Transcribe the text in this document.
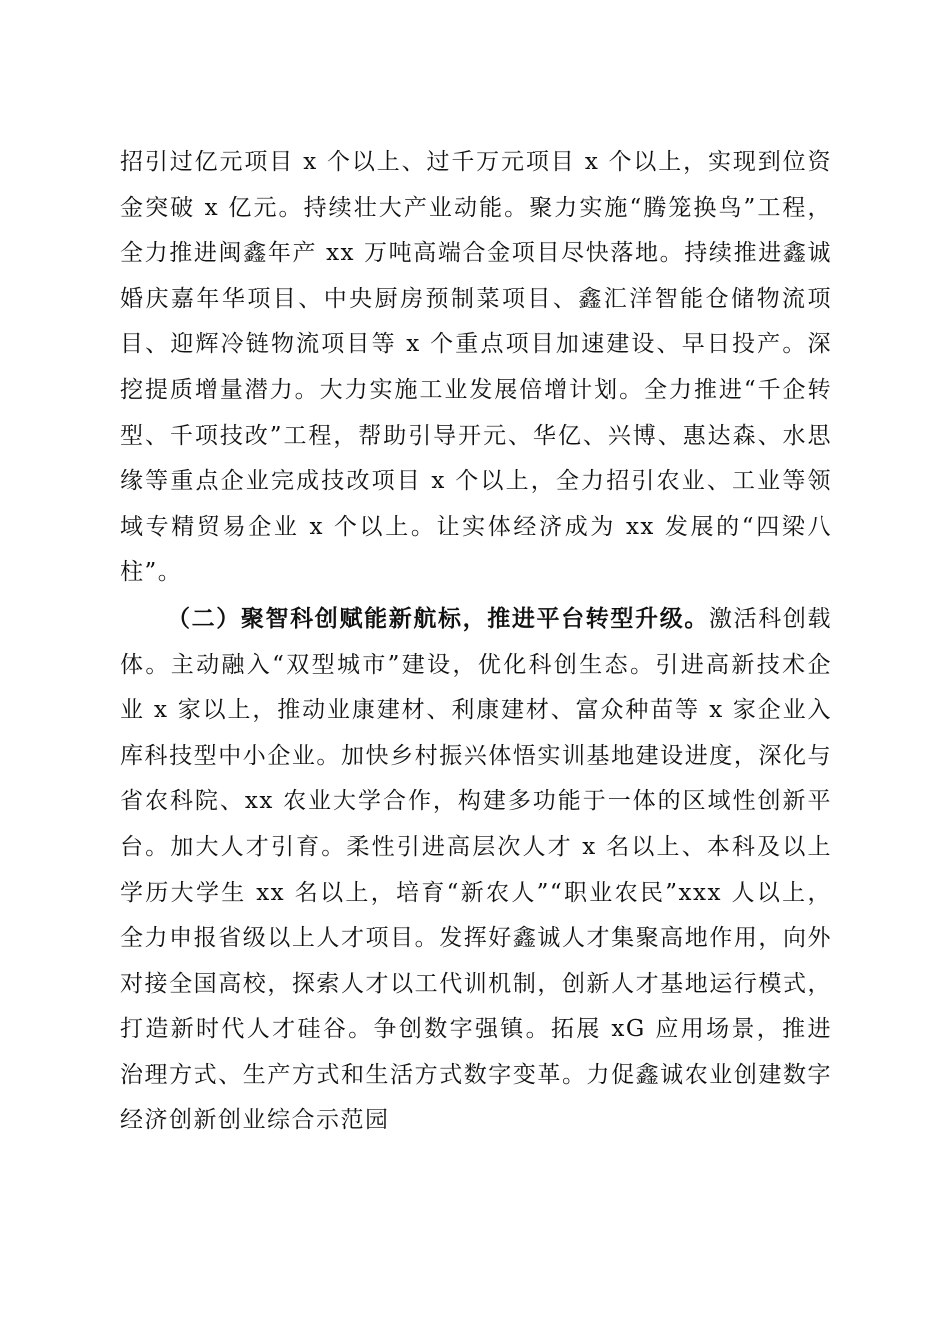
招引过亿元项目 x 个以上、过千万元项目 x 个以上，实现到位资金突破 x 亿元。持续壮大产业动能。聚力实施“腾笼换鸟”工程，全力推进闽鑫年产 xx 万吨高端合金项目尽快落地。持续推进鑫诚婚庆嘉年华项目、中央厨房预制菜项目、鑫汇洋智能仓储物流项目、迎辉冷链物流项目等 x 个重点项目加速建设、早日投产。深挖提质增量潜力。大力实施工业发展倍增计划。全力推进“千企转型、千项技改”工程，帮助引导开元、华亿、兴博、惠达森、水思缘等重点企业完成技改项目 x 个以上，全力招引农业、工业等领域专精贸易企业 x 个以上。让实体经济成为 xx 发展的“四梁八柱”。

（二）聚智科创赋能新航标，推进平台转型升级。激活科创载体。主动融入“双型城市”建设，优化科创生态。引进高新技术企业 x 家以上，推动业康建材、利康建材、富众种苗等 x 家企业入库科技型中小企业。加快乡村振兴体悟实训基地建设进度，深化与省农科院、xx 农业大学合作，构建多功能于一体的区域性创新平台。加大人才引育。柔性引进高层次人才 x 名以上、本科及以上学历大学生 xx 名以上，培育“新农人”“职业农民”xxx 人以上，全力申报省级以上人才项目。发挥好鑫诚人才集聚高地作用，向外对接全国高校，探索人才以工代训机制，创新人才基地运行模式，打造新时代人才硅谷。争创数字强镇。拓展 xG 应用场景，推进治理方式、生产方式和生活方式数字变革。力促鑫诚农业创建数字经济创新创业综合示范园
